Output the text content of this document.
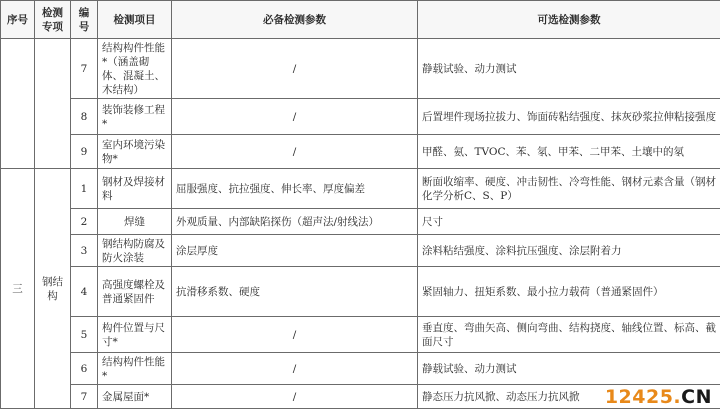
序号	检测专项	编号	检测项目	必备检测参数	可选检测参数
		7	结构构件性能*（涵盖砌体、混凝土、木结构）	/	静载试验、动力测试
		8	装饰装修工程*	/	后置埋件现场拉拔力、饰面砖粘结强度、抹灰砂浆拉伸粘接强度
		9	室内环境污染物*	/	甲醛、氨、TVOC、苯、氡、甲苯、二甲苯、土壤中的氡
三	钢结构	1	钢材及焊接材料	屈服强度、抗拉强度、伸长率、厚度偏差	断面收缩率、硬度、冲击韧性、冷弯性能、钢材元素含量（钢材化学分析C、S、P）
		2	焊缝	外观质量、内部缺陷探伤（超声法/射线法）	尺寸
		3	钢结构防腐及防火涂装	涂层厚度	涂料粘结强度、涂料抗压强度、涂层附着力
		4	高强度螺栓及普通紧固件	抗滑移系数、硬度	紧固轴力、扭矩系数、最小拉力载荷（普通紧固件）
		5	构件位置与尺寸*	/	垂直度、弯曲矢高、侧向弯曲、结构挠度、轴线位置、标高、截面尺寸
		6	结构构件性能*	/	静载试验、动力测试
		7	金属屋面*	/	静态压力抗风掀、动态压力抗风掀 12425.CN
